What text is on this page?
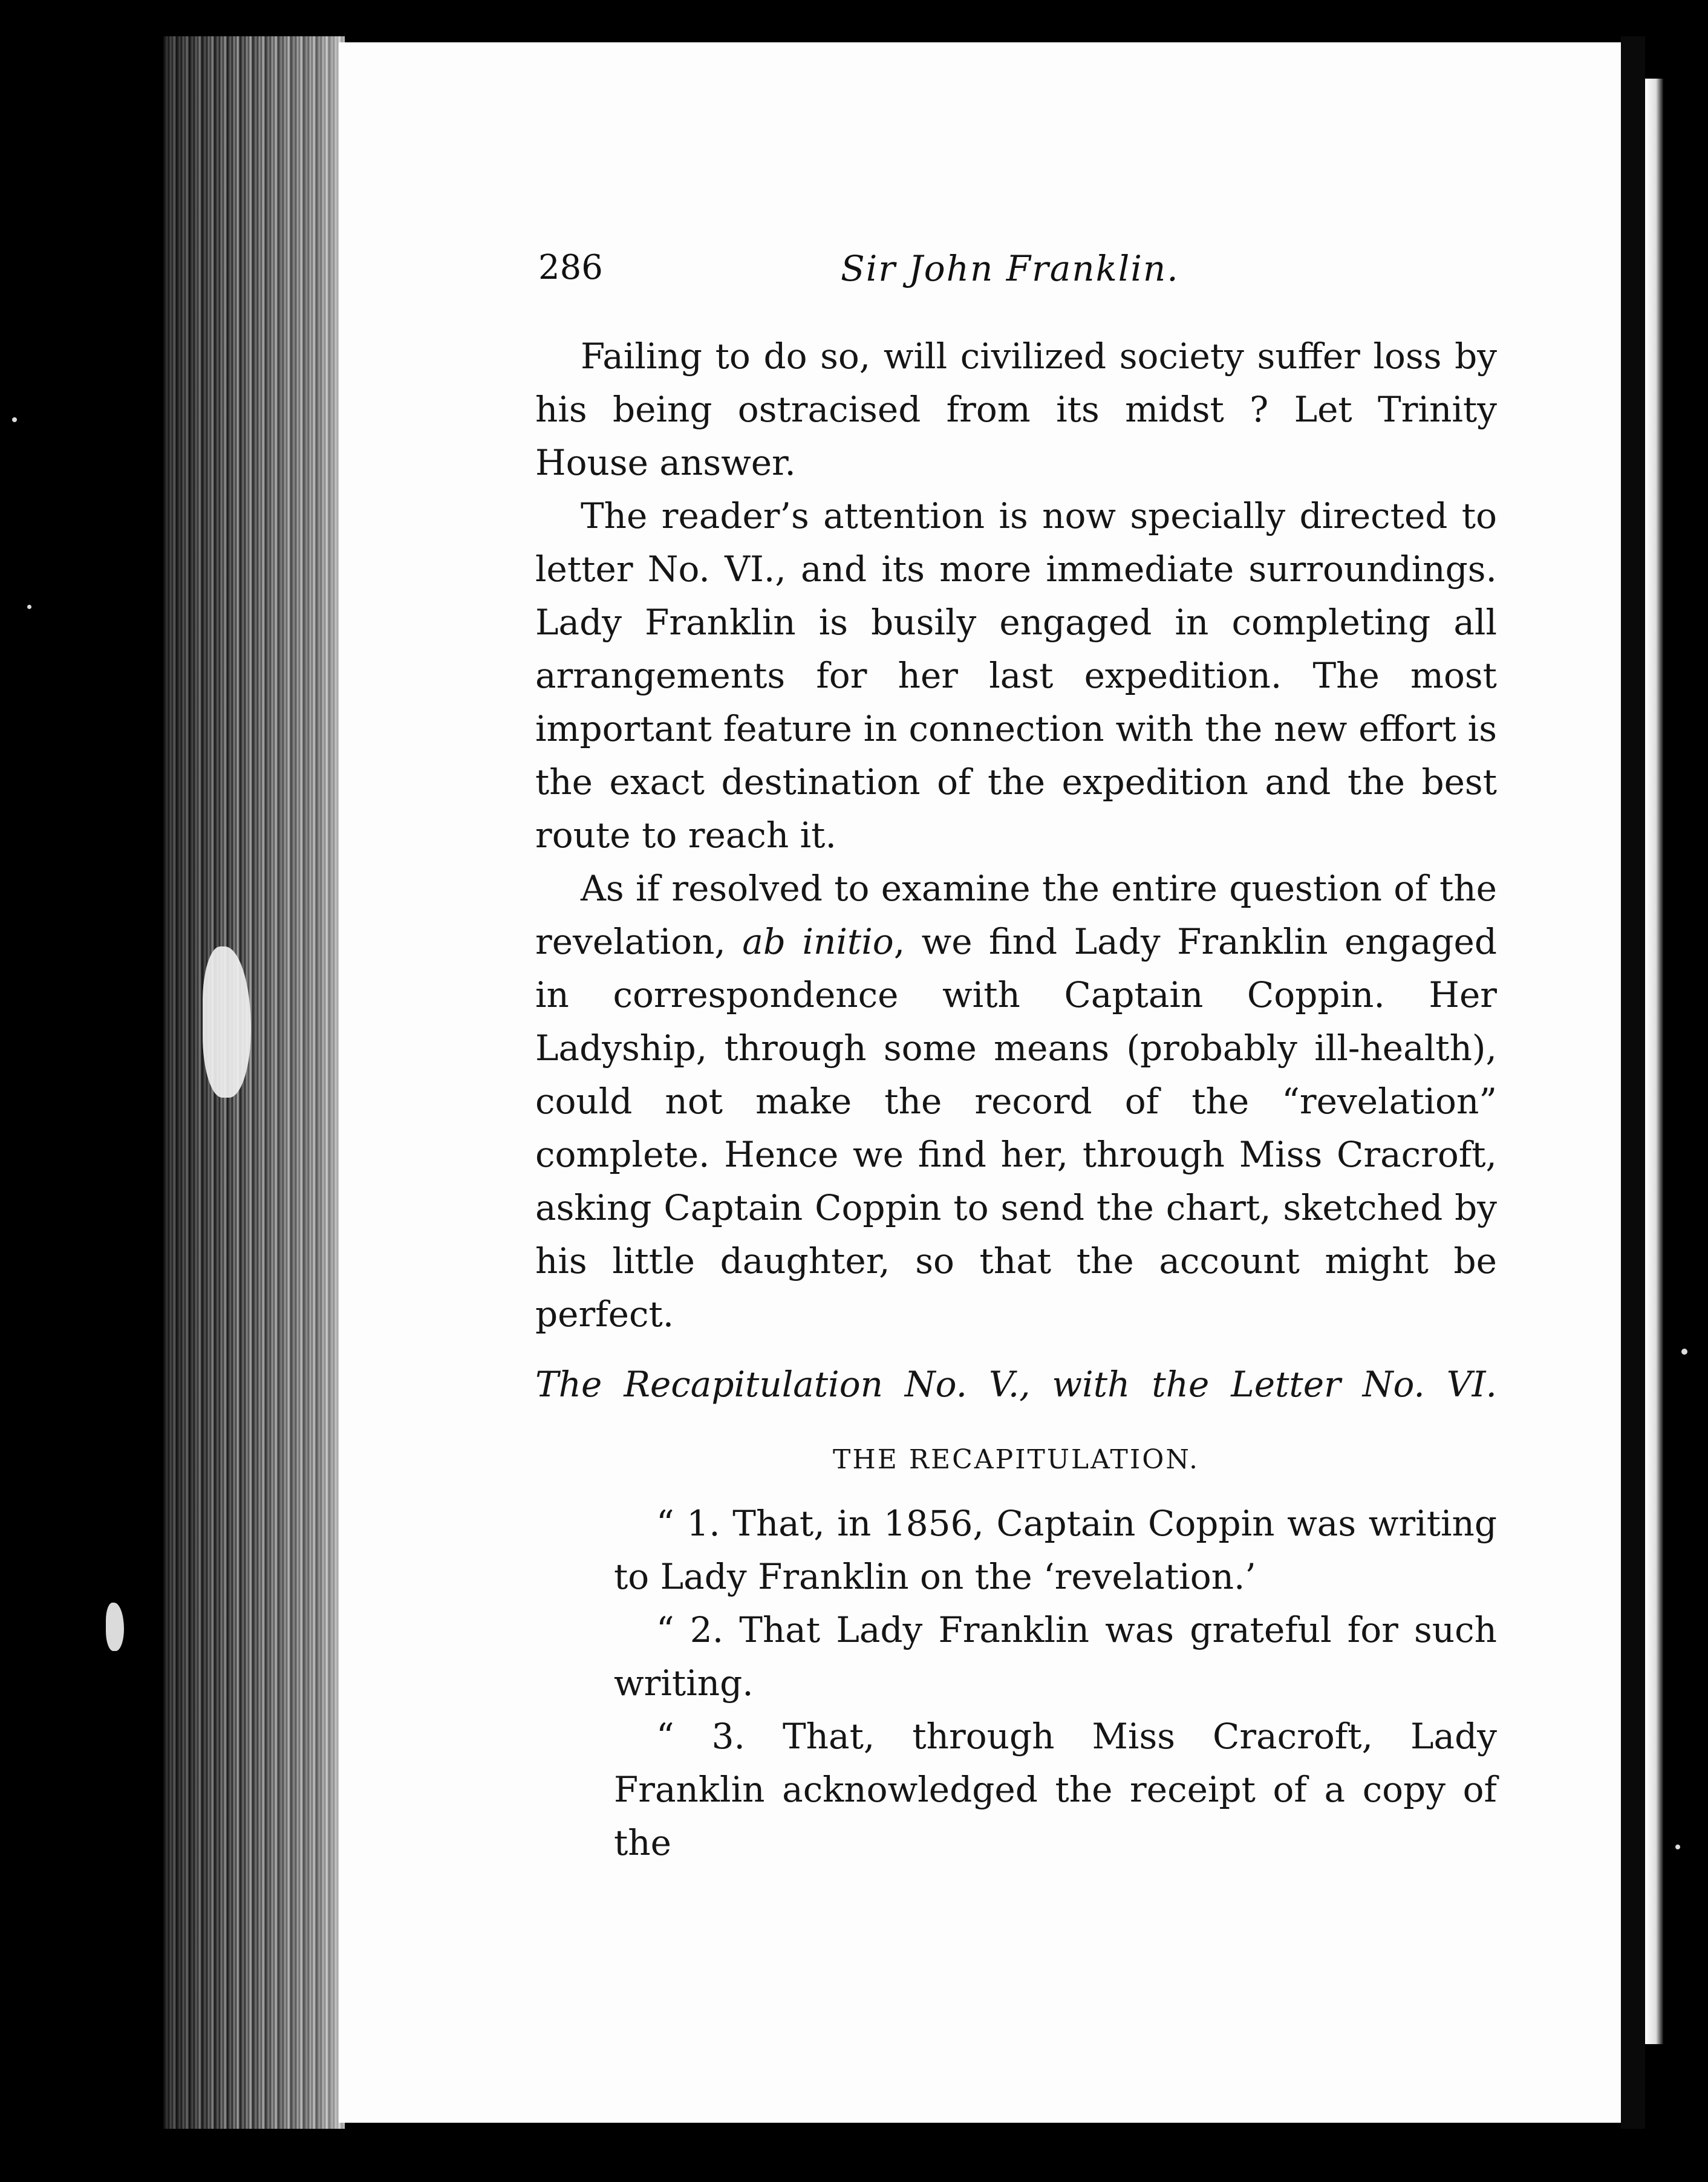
286	Sir John Franklin.

Failing to do so, will civilized society suffer loss by his being ostracised from its midst ? Let Trinity House answer.

The reader’s attention is now specially directed to letter No. VI., and its more immediate surroundings. Lady Franklin is busily engaged in completing all arrangements for her last expedition. The most important feature in connection with the new effort is the exact destination of the expedition and the best route to reach it.

As if resolved to examine the entire question of the revelation, ab initio, we find Lady Franklin engaged in correspondence with Captain Coppin. Her Ladyship, through some means (probably ill-health), could not make the record of the “revelation” complete. Hence we find her, through Miss Cracroft, asking Captain Coppin to send the chart, sketched by his little daughter, so that the account might be perfect.

The Recapitulation No. V., with the Letter No. VI.
THE RECAPITULATION.

“ 1. That, in 1856, Captain Coppin was writing to Lady Franklin on the ‘revelation.’

“ 2. That Lady Franklin was grateful for such writing.

“ 3. That, through Miss Cracroft, Lady Franklin acknowledged the receipt of a copy of the
